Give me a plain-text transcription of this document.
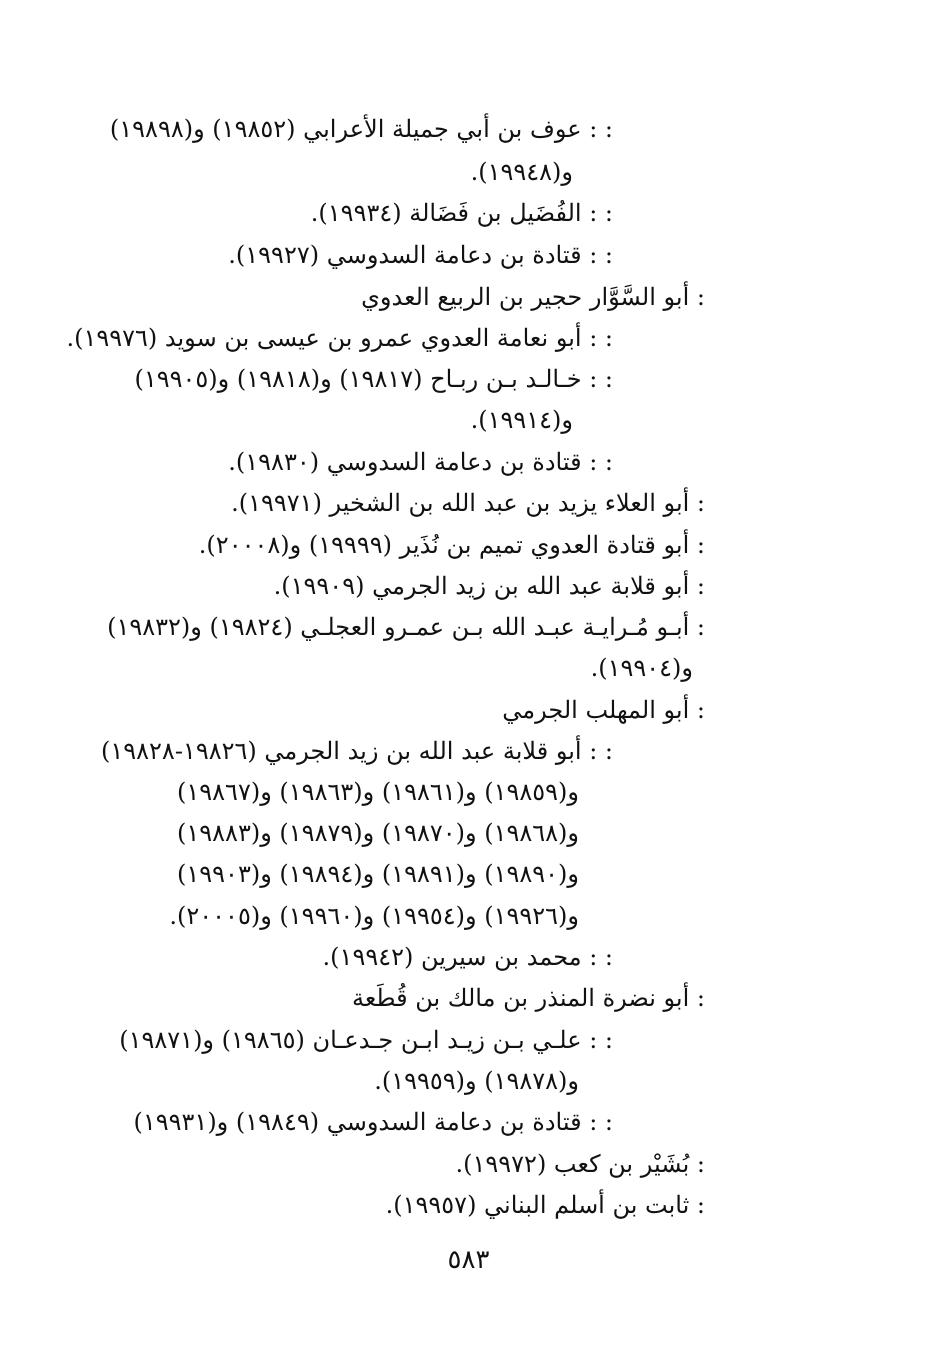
: : عوف بن أبي جميلة الأعرابي (١٩٨٥٢) و(١٩٨٩٨)
و(١٩٩٤٨).
: : الفُضَيل بن فَضَالة (١٩٩٣٤).
: : قتادة بن دعامة السدوسي (١٩٩٢٧).
: أبو السَّوَّار حجير بن الربيع العدوي
: : أبو نعامة العدوي عمرو بن عيسى بن سويد (١٩٩٧٦).
: : خـالـد بـن ربـاح (١٩٨١٧) و(١٩٨١٨) و(١٩٩٠٥)
و(١٩٩١٤).
: : قتادة بن دعامة السدوسي (١٩٨٣٠).
: أبو العلاء يزيد بن عبد الله بن الشخير (١٩٩٧١).
: أبو قتادة العدوي تميم بن نُذَير (١٩٩٩٩) و(٢٠٠٠٨).
: أبو قلابة عبد الله بن زيد الجرمي (١٩٩٠٩).
: أبـو مُـرايـة عبـد الله بـن عمـرو العجلـي (١٩٨٢٤) و(١٩٨٣٢)
و(١٩٩٠٤).
: أبو المهلب الجرمي
: : أبو قلابة عبد الله بن زيد الجرمي (١٩٨٢٦-١٩٨٢٨)
و(١٩٨٥٩) و(١٩٨٦١) و(١٩٨٦٣) و(١٩٨٦٧)
و(١٩٨٦٨) و(١٩٨٧٠) و(١٩٨٧٩) و(١٩٨٨٣)
و(١٩٨٩٠) و(١٩٨٩١) و(١٩٨٩٤) و(١٩٩٠٣)
و(١٩٩٢٦) و(١٩٩٥٤) و(١٩٩٦٠) و(٢٠٠٠٥).
: : محمد بن سيرين (١٩٩٤٢).
: أبو نضرة المنذر بن مالك بن قُطَعة
: : علـي بـن زيـد ابـن جـدعـان (١٩٨٦٥) و(١٩٨٧١)
و(١٩٨٧٨) و(١٩٩٥٩).
: : قتادة بن دعامة السدوسي (١٩٨٤٩) و(١٩٩٣١)
: بُشَيْر بن كعب (١٩٩٧٢).
: ثابت بن أسلم البناني (١٩٩٥٧).
٥٨٣
